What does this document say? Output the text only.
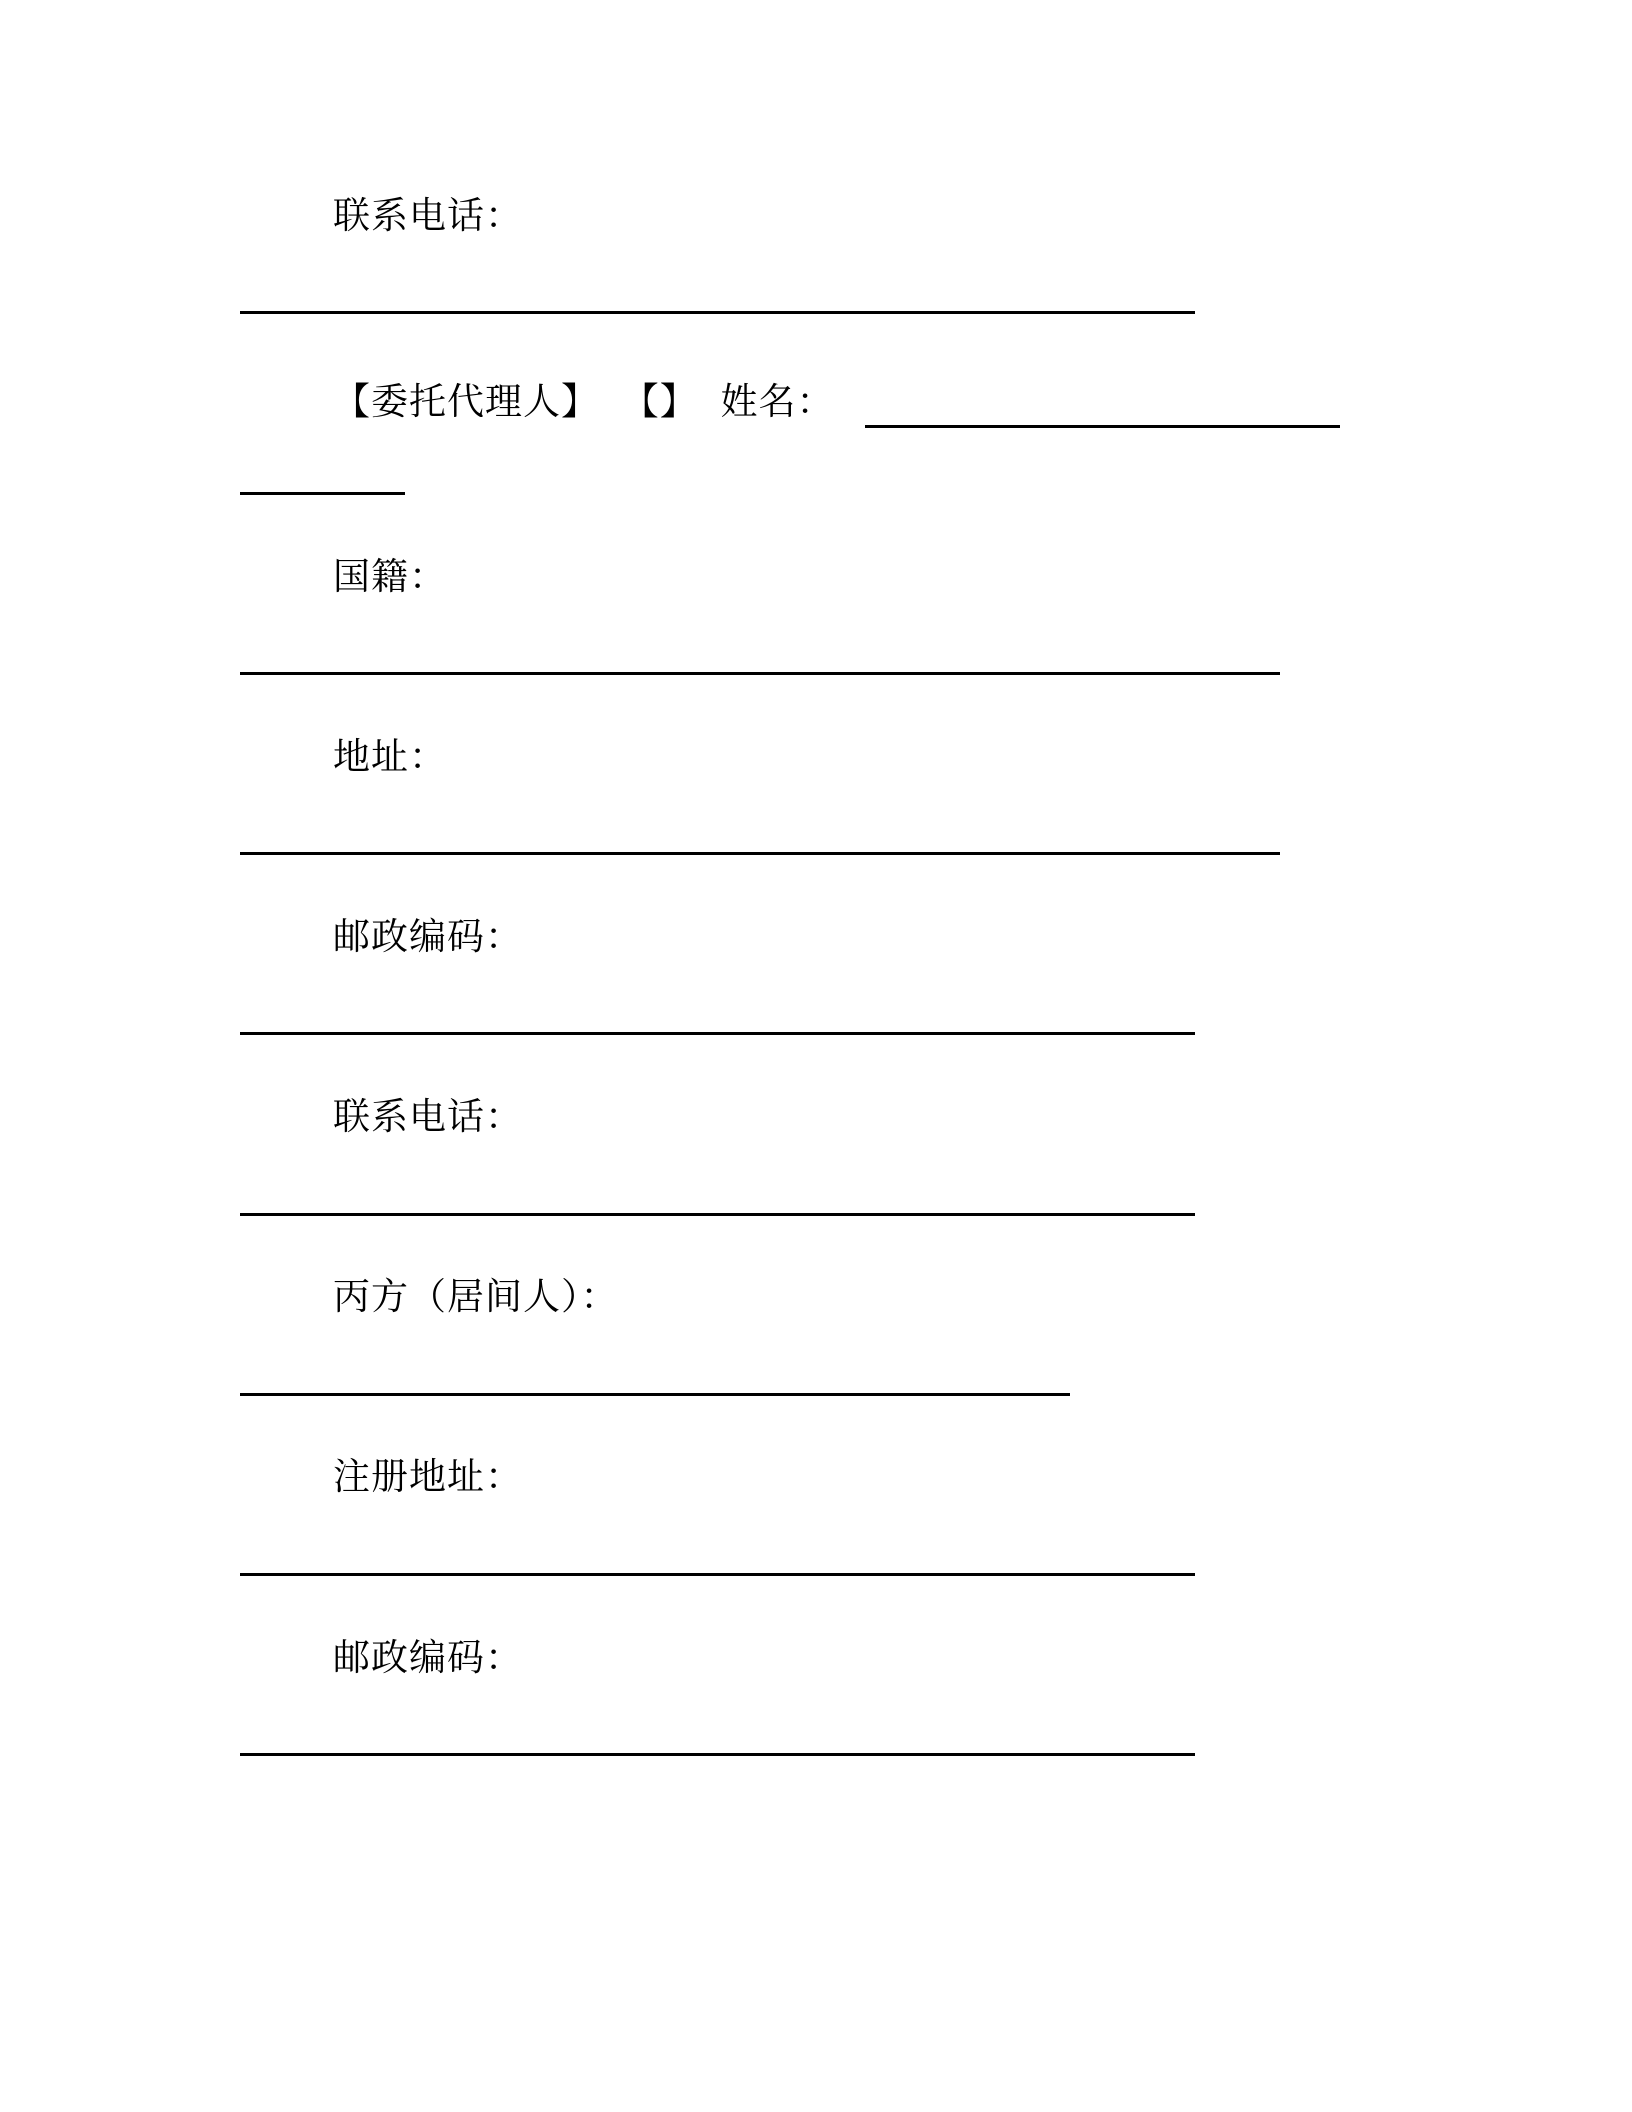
联系电话：
【委托代理人】 【】 姓名：
国籍：
地址：
邮政编码：
联系电话：
丙方（居间人）：
注册地址：
邮政编码：
